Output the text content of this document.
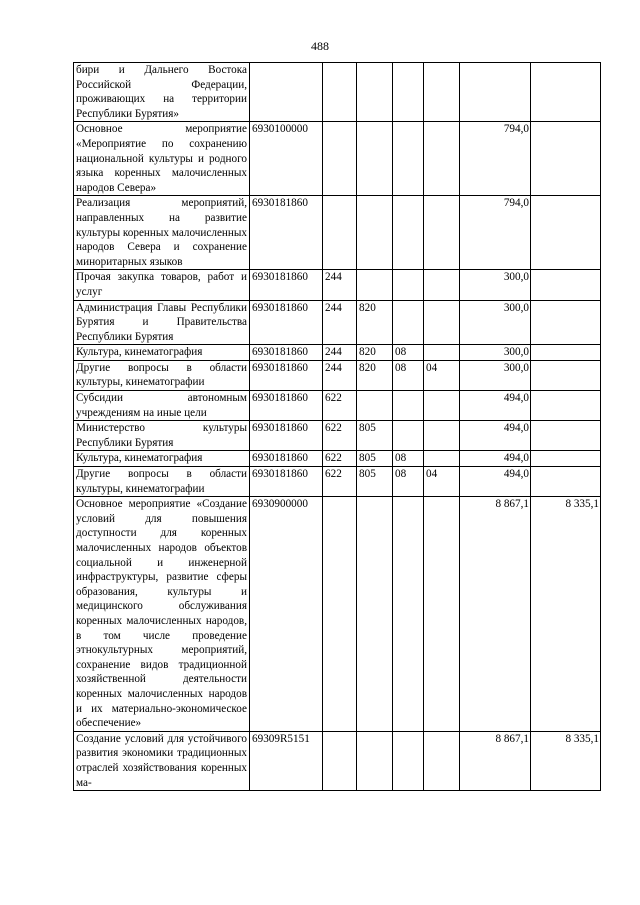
488
бири и Дальнего Востока Российской Федерации, проживающих на территории Республики Бурятия»							
Основное мероприятие «Мероприятие по сохранению национальной культуры и родного языка коренных малочисленных народов Севера»	6930100000					794,0	
Реализация мероприятий, направленных на развитие культуры коренных малочисленных народов Севера и сохранение миноритарных языков	6930181860					794,0	
Прочая закупка товаров, работ и услуг	6930181860	244				300,0	
Администрация Главы Республики Бурятия и Правительства Республики Бурятия	6930181860	244	820			300,0	
Культура, кинематография	6930181860	244	820	08		300,0	
Другие вопросы в области культуры, кинематографии	6930181860	244	820	08	04	300,0	
Субсидии автономным учреждениям на иные цели	6930181860	622				494,0	
Министерство культуры Республики Бурятия	6930181860	622	805			494,0	
Культура, кинематография	6930181860	622	805	08		494,0	
Другие вопросы в области культуры, кинематографии	6930181860	622	805	08	04	494,0	
Основное мероприятие «Создание условий для повышения доступности для коренных малочисленных народов объектов социальной и инженерной инфраструктуры, развитие сферы образования, культуры и медицинского обслуживания коренных малочисленных народов, в том числе проведение этнокультурных мероприятий, сохранение видов традиционной хозяйственной деятельности коренных малочисленных народов и их материально-экономическое обеспечение»	6930900000					8 867,1	8 335,1
Создание условий для устойчивого развития экономики традиционных отраслей хозяйствования коренных ма-	69309R5151					8 867,1	8 335,1
